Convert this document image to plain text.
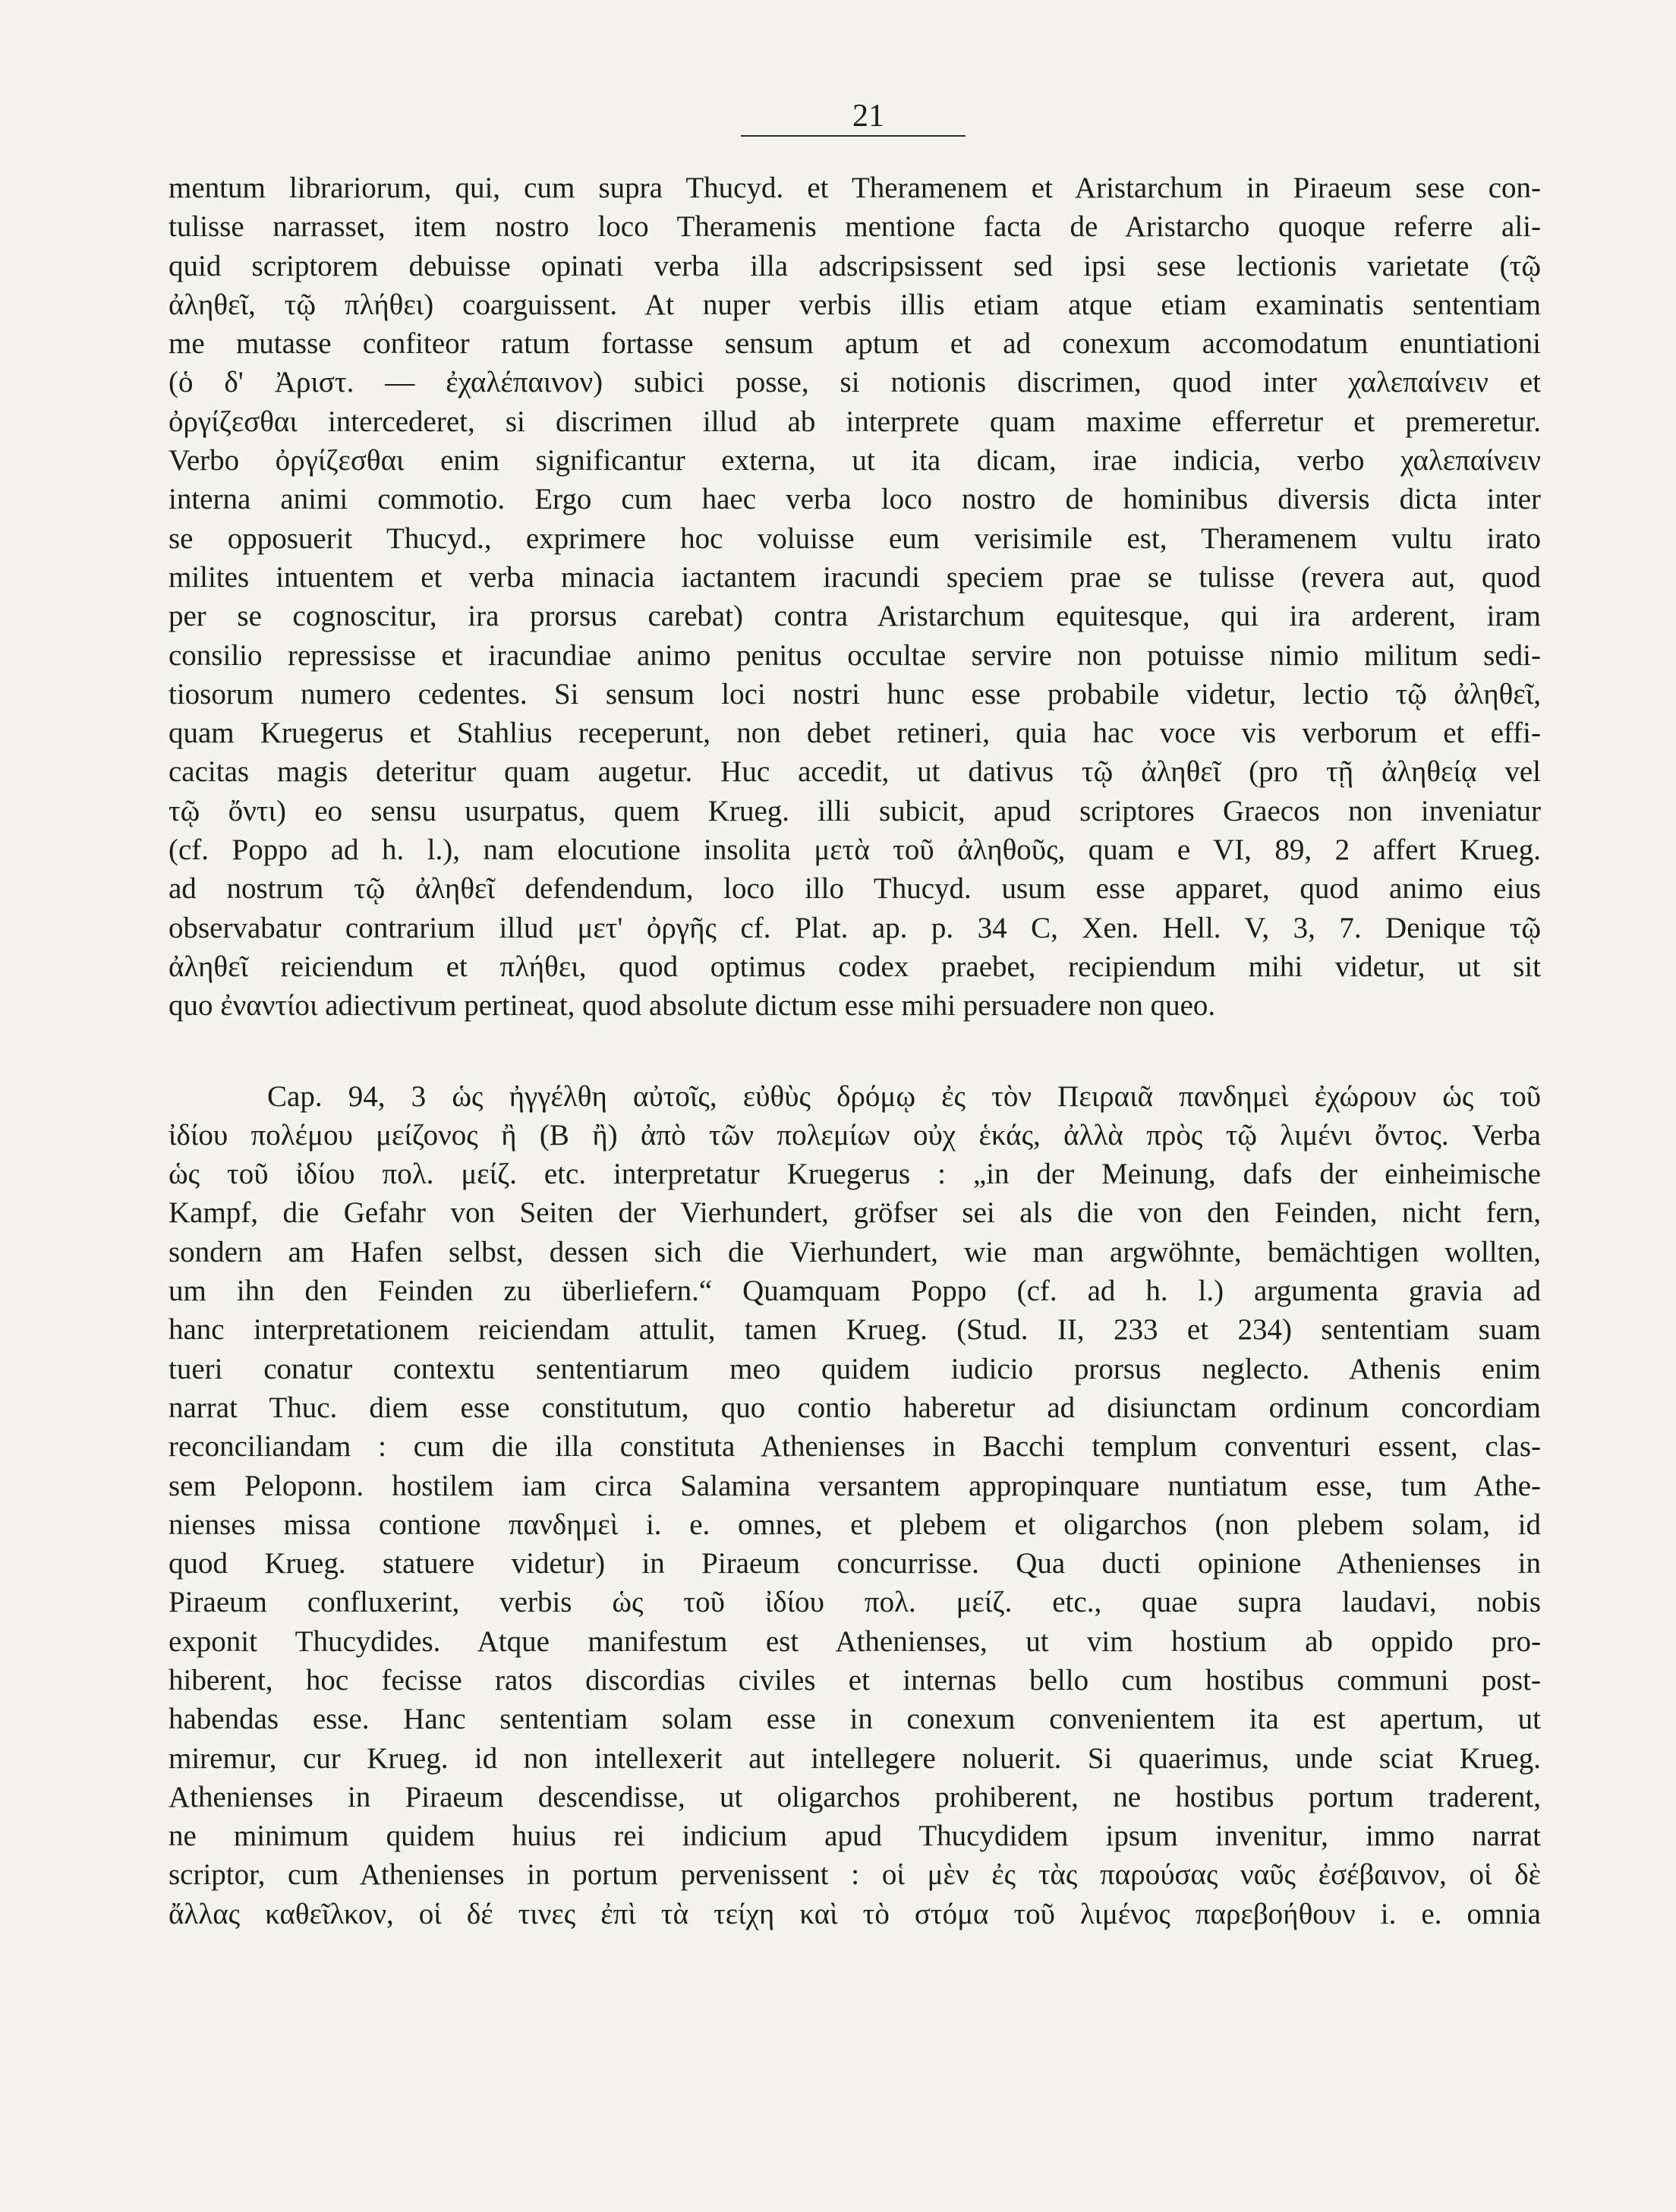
21
mentum librariorum, qui, cum supra Thucyd. et Theramenem et Aristarchum in Piraeum sese con-
tulisse narrasset, item nostro loco Theramenis mentione facta de Aristarcho quoque referre ali-
quid scriptorem debuisse opinati verba illa adscripsissent sed ipsi sese lectionis varietate (τῷ
ἀληθεῖ, τῷ πλήθει) coarguissent. At nuper verbis illis etiam atque etiam examinatis sententiam
me mutasse confiteor ratum fortasse sensum aptum et ad conexum accomodatum enuntiationi
(ὁ δ' Ἀριστ. — ἐχαλέπαινον) subici posse, si notionis discrimen, quod inter χαλεπαίνειν et
ὀργίζεσθαι intercederet, si discrimen illud ab interprete quam maxime efferretur et premeretur.
Verbo ὀργίζεσθαι enim significantur externa, ut ita dicam, irae indicia, verbo χαλεπαίνειν
interna animi commotio. Ergo cum haec verba loco nostro de hominibus diversis dicta inter
se opposuerit Thucyd., exprimere hoc voluisse eum verisimile est, Theramenem vultu irato
milites intuentem et verba minacia iactantem iracundi speciem prae se tulisse (revera aut, quod
per se cognoscitur, ira prorsus carebat) contra Aristarchum equitesque, qui ira arderent, iram
consilio repressisse et iracundiae animo penitus occultae servire non potuisse nimio militum sedi-
tiosorum numero cedentes. Si sensum loci nostri hunc esse probabile videtur, lectio τῷ ἀληθεῖ,
quam Kruegerus et Stahlius receperunt, non debet retineri, quia hac voce vis verborum et effi-
cacitas magis deteritur quam augetur. Huc accedit, ut dativus τῷ ἀληθεῖ (pro τῇ ἀληθείᾳ vel
τῷ ὄντι) eo sensu usurpatus, quem Krueg. illi subicit, apud scriptores Graecos non inveniatur
(cf. Poppo ad h. l.), nam elocutione insolita μετὰ τοῦ ἀληθοῦς, quam e VI, 89, 2 affert Krueg.
ad nostrum τῷ ἀληθεῖ defendendum, loco illo Thucyd. usum esse apparet, quod animo eius
observabatur contrarium illud μετ' ὀργῆς cf. Plat. ap. p. 34 C, Xen. Hell. V, 3, 7. Denique τῷ
ἀληθεῖ reiciendum et πλήθει, quod optimus codex praebet, recipiendum mihi videtur, ut sit
quo ἐναντίοι adiectivum pertineat, quod absolute dictum esse mihi persuadere non queo.
Cap. 94, 3 ὡς ἠγγέλθη αὐτοῖς, εὐθὺς δρόμῳ ἐς τὸν Πειραιᾶ πανδημεὶ ἐχώρουν ὡς τοῦ
ἰδίου πολέμου μείζονος ἢ (B ἢ) ἀπὸ τῶν πολεμίων οὐχ ἑκάς, ἀλλὰ πρὸς τῷ λιμένι ὄντος. Verba
ὡς τοῦ ἰδίου πολ. μείζ. etc. interpretatur Kruegerus : „in der Meinung, dafs der einheimische
Kampf, die Gefahr von Seiten der Vierhundert, gröfser sei als die von den Feinden, nicht fern,
sondern am Hafen selbst, dessen sich die Vierhundert, wie man argwöhnte, bemächtigen wollten,
um ihn den Feinden zu überliefern.“ Quamquam Poppo (cf. ad h. l.) argumenta gravia ad
hanc interpretationem reiciendam attulit, tamen Krueg. (Stud. II, 233 et 234) sententiam suam
tueri conatur contextu sententiarum meo quidem iudicio prorsus neglecto. Athenis enim
narrat Thuc. diem esse constitutum, quo contio haberetur ad disiunctam ordinum concordiam
reconciliandam : cum die illa constituta Athenienses in Bacchi templum conventuri essent, clas-
sem Peloponn. hostilem iam circa Salamina versantem appropinquare nuntiatum esse, tum Athe-
nienses missa contione πανδημεὶ i. e. omnes, et plebem et oligarchos (non plebem solam, id
quod Krueg. statuere videtur) in Piraeum concurrisse. Qua ducti opinione Athenienses in
Piraeum confluxerint, verbis ὡς τοῦ ἰδίου πολ. μείζ. etc., quae supra laudavi, nobis
exponit Thucydides. Atque manifestum est Athenienses, ut vim hostium ab oppido pro-
hiberent, hoc fecisse ratos discordias civiles et internas bello cum hostibus communi post-
habendas esse. Hanc sententiam solam esse in conexum convenientem ita est apertum, ut
miremur, cur Krueg. id non intellexerit aut intellegere noluerit. Si quaerimus, unde sciat Krueg.
Athenienses in Piraeum descendisse, ut oligarchos prohiberent, ne hostibus portum traderent,
ne minimum quidem huius rei indicium apud Thucydidem ipsum invenitur, immo narrat
scriptor, cum Athenienses in portum pervenissent : οἱ μὲν ἐς τὰς παρούσας ναῦς ἐσέβαινον, οἱ δὲ
ἄλλας καθεῖλκον, οἱ δέ τινες ἐπὶ τὰ τείχη καὶ τὸ στόμα τοῦ λιμένος παρεβοήθουν i. e. omnia
